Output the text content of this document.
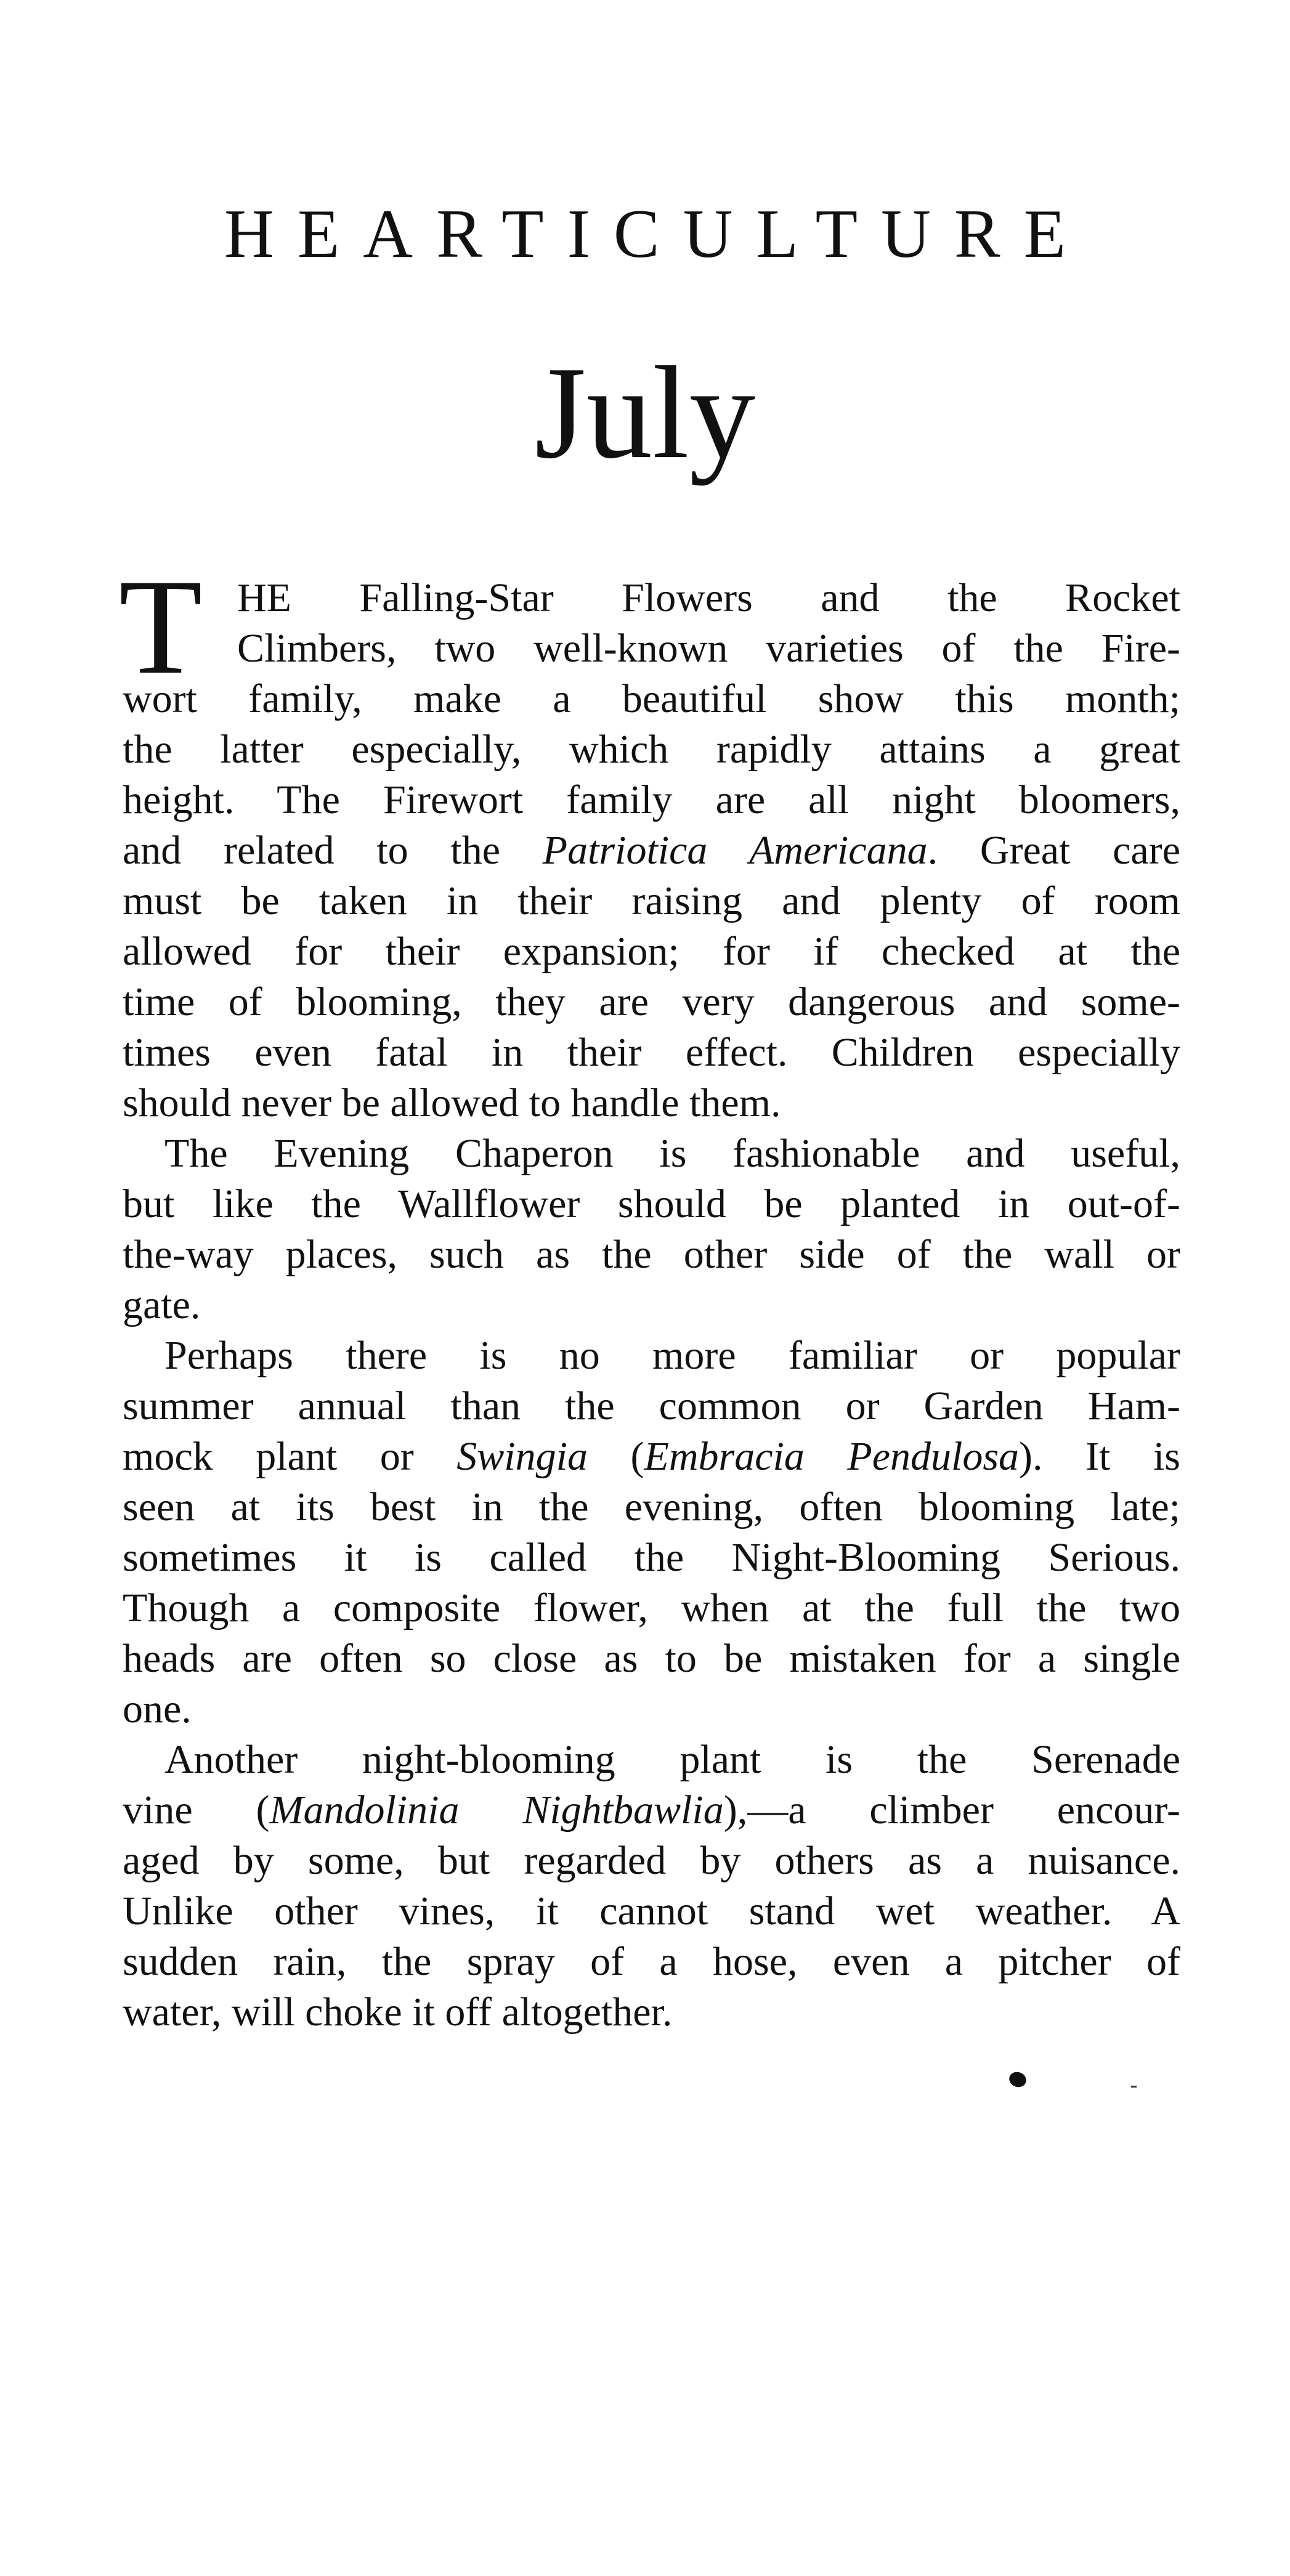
HEARTICULTURE
July
T HE Falling-Star Flowers and the Rocket
Climbers, two well-known varieties of the Fire-
wort family, make a beautiful show this month;
the latter especially, which rapidly attains a great
height. The Firewort family are all night bloomers,
and related to the Patriotica Americana. Great care
must be taken in their raising and plenty of room
allowed for their expansion; for if checked at the
time of blooming, they are very dangerous and some-
times even fatal in their effect. Children especially
should never be allowed to handle them.
The Evening Chaperon is fashionable and useful,
but like the Wallflower should be planted in out-of-
the-way places, such as the other side of the wall or
gate.
Perhaps there is no more familiar or popular
summer annual than the common or Garden Ham-
mock plant or Swingia (Embracia Pendulosa). It is
seen at its best in the evening, often blooming late;
sometimes it is called the Night-Blooming Serious.
Though a composite flower, when at the full the two
heads are often so close as to be mistaken for a single
one.
Another night-blooming plant is the Serenade
vine (Mandolinia Nightbawlia),—a climber encour-
aged by some, but regarded by others as a nuisance.
Unlike other vines, it cannot stand wet weather. A
sudden rain, the spray of a hose, even a pitcher of
water, will choke it off altogether.
